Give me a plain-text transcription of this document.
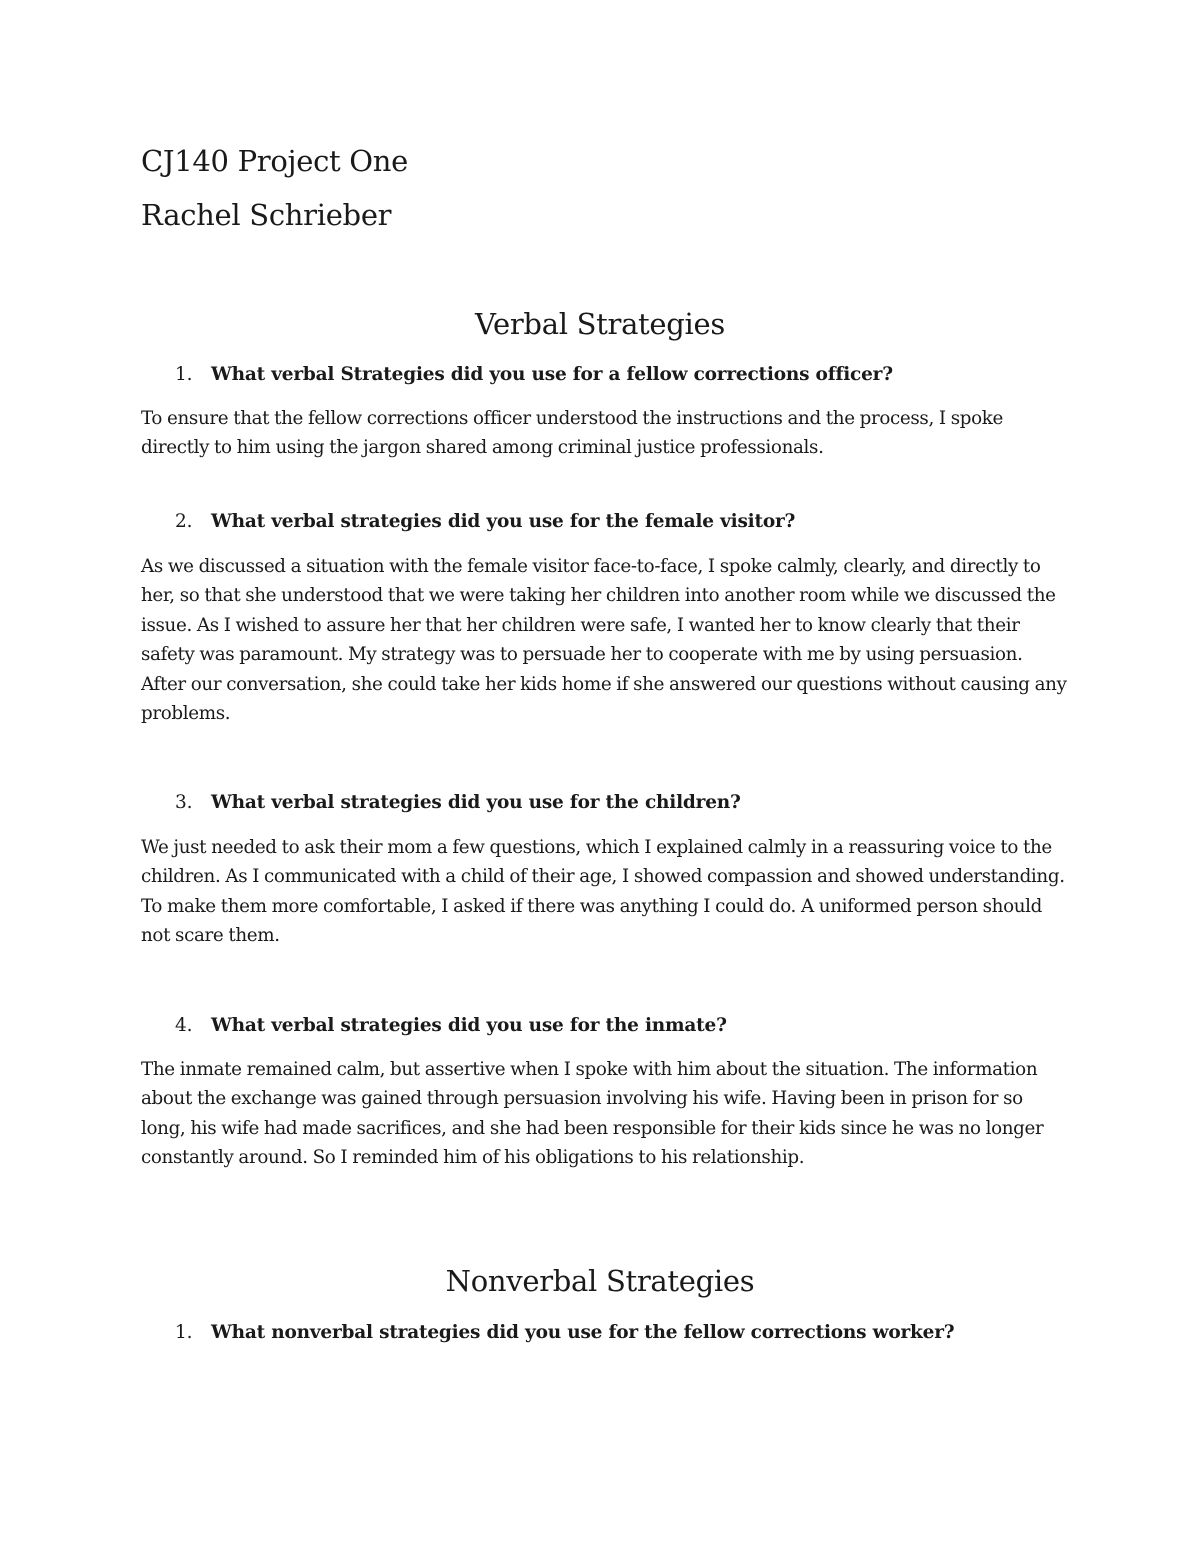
CJ140 Project One

Rachel Schrieber

Verbal Strategies
1. What verbal Strategies did you use for a fellow corrections officer?

To ensure that the fellow corrections officer understood the instructions and the process, I spoke directly to him using the jargon shared among criminal justice professionals.

2. What verbal strategies did you use for the female visitor?

As we discussed a situation with the female visitor face-to-face, I spoke calmly, clearly, and directly to her, so that she understood that we were taking her children into another room while we discussed the issue. As I wished to assure her that her children were safe, I wanted her to know clearly that their safety was paramount. My strategy was to persuade her to cooperate with me by using persuasion. After our conversation, she could take her kids home if she answered our questions without causing any problems.

3. What verbal strategies did you use for the children?

We just needed to ask their mom a few questions, which I explained calmly in a reassuring voice to the children. As I communicated with a child of their age, I showed compassion and showed understanding. To make them more comfortable, I asked if there was anything I could do. A uniformed person should not scare them.

4. What verbal strategies did you use for the inmate?

The inmate remained calm, but assertive when I spoke with him about the situation. The information about the exchange was gained through persuasion involving his wife. Having been in prison for so long, his wife had made sacrifices, and she had been responsible for their kids since he was no longer constantly around. So I reminded him of his obligations to his relationship.

Nonverbal Strategies
1. What nonverbal strategies did you use for the fellow corrections worker?
